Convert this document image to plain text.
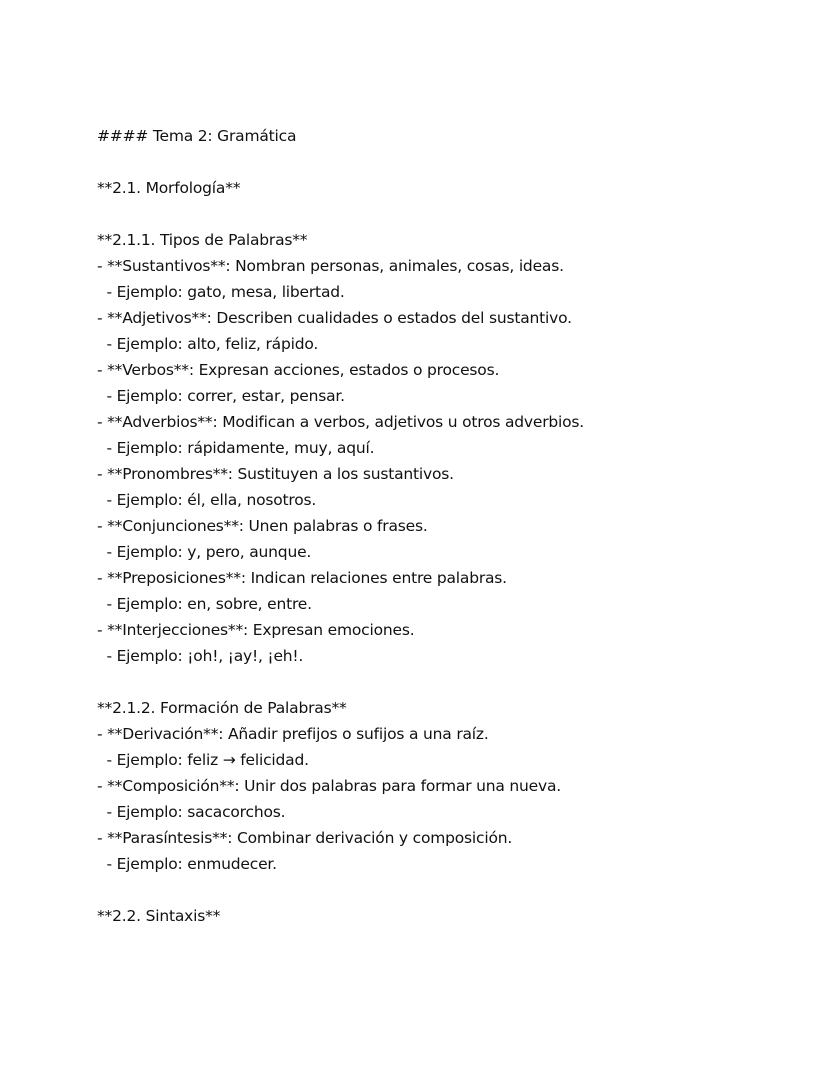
#### Tema 2: Gramática
**2.1. Morfología**
**2.1.1. Tipos de Palabras**
- **Sustantivos**: Nombran personas, animales, cosas, ideas.
- Ejemplo: gato, mesa, libertad.
- **Adjetivos**: Describen cualidades o estados del sustantivo.
- Ejemplo: alto, feliz, rápido.
- **Verbos**: Expresan acciones, estados o procesos.
- Ejemplo: correr, estar, pensar.
- **Adverbios**: Modifican a verbos, adjetivos u otros adverbios.
- Ejemplo: rápidamente, muy, aquí.
- **Pronombres**: Sustituyen a los sustantivos.
- Ejemplo: él, ella, nosotros.
- **Conjunciones**: Unen palabras o frases.
- Ejemplo: y, pero, aunque.
- **Preposiciones**: Indican relaciones entre palabras.
- Ejemplo: en, sobre, entre.
- **Interjecciones**: Expresan emociones.
- Ejemplo: ¡oh!, ¡ay!, ¡eh!.
**2.1.2. Formación de Palabras**
- **Derivación**: Añadir prefijos o sufijos a una raíz.
- Ejemplo: feliz → felicidad.
- **Composición**: Unir dos palabras para formar una nueva.
- Ejemplo: sacacorchos.
- **Parasíntesis**: Combinar derivación y composición.
- Ejemplo: enmudecer.
**2.2. Sintaxis**
